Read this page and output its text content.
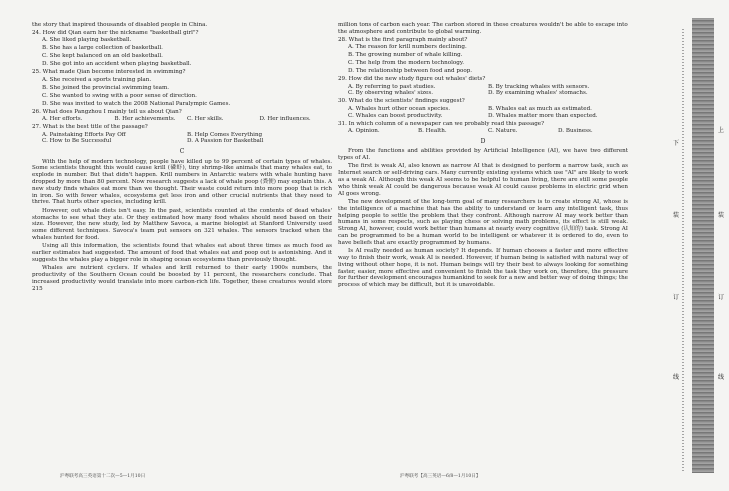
the story that inspired thousands of disabled people in China.
24. How did Qian earn her the nickname "basketball girl"?
A. She liked playing basketball.
B. She has a large collection of basketball.
C. She kept balanced on an old basketball.
D. She got into an accident when playing basketball.
25. What made Qian become interested in swimming?
A. She received a sports training plan.
B. She joined the provincial swimming team.
C. She wanted to swing with a poor sense of direction.
D. She was invited to watch the 2008 National Paralympic Games.
26. What does Pangzhou I mainly tell us about Qian?
A. Her efforts.	B. Her achievements.	C. Her skills.	D. Her influences.
27. What is the best title of the passage?
A. Painstaking Efforts Pay Off	B. Help Comes Everything
C. How to Be Successful	D. A Passion for Basketball
C
With the help of modern technology, people have killed up to 99 percent of certain types of whales. Some scientists thought this would cause krill (磷虾), tiny shrimp-like animals that many whales eat, to explode in number. But that didn't happen. Krill numbers in Antarctic waters with whale hunting have dropped by more than 80 percent. Now research suggests a lack of whale poop (粪便) may explain this. A new study finds whales eat more than we thought. Their waste could return into more poop that is rich in iron. So with fewer whales, ecosystems get less iron and other crucial nutrients that they need to thrive. That hurts other species, including krill.
However, out whale diets isn't easy. In the past, scientists counted at the contents of dead whales' stomachs to see what they ate. Or they estimated how many food whales should need based on their size. However, the new study, led by Matthew Savoca, a marine biologist at Stanford University used some different techniques. Savoca's team put sensors on 321 whales. The sensors tracked when the whales hunted for food.
Using all this information, the scientists found that whales eat about three times as much food as earlier estimates had suggested. The amount of food that whales eat and poop out is astonishing. And it suggests the whales play a bigger role in shaping ocean ecosystems than previously thought.
Whales are nutrient cyclers. If whales and krill returned to their early 1900s numbers, the productivity of the Southern Ocean could be boosted by 11 percent, the researchers conclude. That increased productivity would translate into more carbon-rich life. Together, these creatures would store 215
million tons of carbon each year. The carbon stored in these creatures wouldn't be able to escape into the atmosphere and contribute to global warming.
28. What is the first paragraph mainly about?
A. The reason for krill numbers declining.
B. The growing number of whale killing.
C. The help from the modern technology.
D. The relationship between food and poop.
29. How did the new study figure out whales' diets?
A. By referring to past studies.	B. By tracking whales with sensors.
C. By observing whales' sizes.	D. By examining whales' stomachs.
30. What do the scientists' findings suggest?
A. Whales hurt other ocean species.	B. Whales eat as much as estimated.
C. Whales can boost productivity.	D. Whales matter more than expected.
31. In which column of a newspaper can we probably read this passage?
A. Opinion.	B. Health.	C. Nature.	D. Business.
D
From the functions and abilities provided by Artificial Intelligence (AI), we have two different types of AI.
The first is weak AI, also known as narrow AI that is designed to perform a narrow task, such as Internet search or self-driving cars. Many currently existing systems which use "AI" are likely to work as a weak AI. Although this weak AI seems to be helpful to human living, there are still some people who think weak AI could be dangerous because weak AI could cause problems in electric grid when AI goes wrong.
The new development of the long-term goal of many researchers is to create strong AI, whose is the intelligence of a machine that has the ability to understand or learn any intelligent task, thus helping people to settle the problem that they confront. Although narrow AI may work better than humans in some respects, such as playing chess or solving math problems, its effect is still weak. Strong AI, however, could work better than humans at nearly every cognitive (认知的) task. Strong AI can be programmed to be a human world to be intelligent or whatever it is ordered to do, even to have beliefs that are exactly programmed by humans.
Is AI really needed as human society? It depends. If human chooses a faster and more effective way to finish their work, weak AI is needed. However, if human being is satisfied with natural way of living without other hope, it is not. Human beings will try their best to always looking for something faster, easier, more effective and convenient to finish the task they work on, therefore, the pressure for further development encourages humankind to seek for a new and better way of doing things; the process of which may be difficult, but it is unavoidable.
沪粤联考高三英语第十二次—5—1月10日	沪粤联考【高三英语—6/8—1月10日】
下
装
订
线
上
装
订
线
